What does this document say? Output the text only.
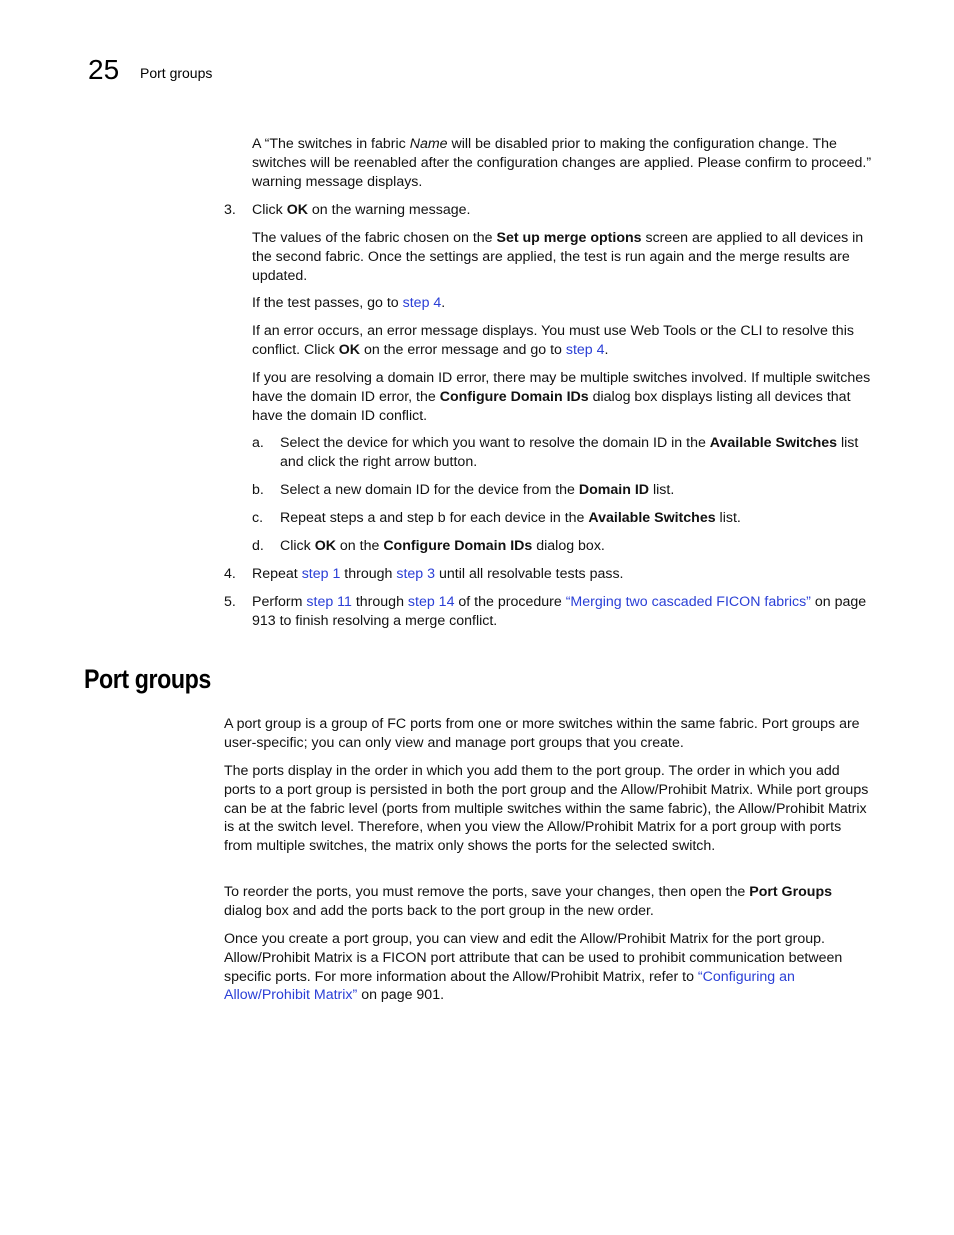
25 Port groups

A “The switches in fabric Name will be disabled prior to making the configuration change. The switches will be reenabled after the configuration changes are applied. Please confirm to proceed.” warning message displays.

3. Click OK on the warning message.

The values of the fabric chosen on the Set up merge options screen are applied to all devices in the second fabric. Once the settings are applied, the test is run again and the merge results are updated.

If the test passes, go to step 4.

If an error occurs, an error message displays. You must use Web Tools or the CLI to resolve this conflict. Click OK on the error message and go to step 4.

If you are resolving a domain ID error, there may be multiple switches involved. If multiple switches have the domain ID error, the Configure Domain IDs dialog box displays listing all devices that have the domain ID conflict.

a. Select the device for which you want to resolve the domain ID in the Available Switches list and click the right arrow button.

b. Select a new domain ID for the device from the Domain ID list.

c. Repeat steps a and step b for each device in the Available Switches list.

d. Click OK on the Configure Domain IDs dialog box.

4. Repeat step 1 through step 3 until all resolvable tests pass.

5. Perform step 11 through step 14 of the procedure “Merging two cascaded FICON fabrics” on page 913 to finish resolving a merge conflict.

Port groups

A port group is a group of FC ports from one or more switches within the same fabric. Port groups are user-specific; you can only view and manage port groups that you create.

The ports display in the order in which you add them to the port group. The order in which you add ports to a port group is persisted in both the port group and the Allow/Prohibit Matrix. While port groups can be at the fabric level (ports from multiple switches within the same fabric), the Allow/Prohibit Matrix is at the switch level. Therefore, when you view the Allow/Prohibit Matrix for a port group with ports from multiple switches, the matrix only shows the ports for the selected switch.

To reorder the ports, you must remove the ports, save your changes, then open the Port Groups dialog box and add the ports back to the port group in the new order.

Once you create a port group, you can view and edit the Allow/Prohibit Matrix for the port group. Allow/Prohibit Matrix is a FICON port attribute that can be used to prohibit communication between specific ports. For more information about the Allow/Prohibit Matrix, refer to “Configuring an Allow/Prohibit Matrix” on page 901.
